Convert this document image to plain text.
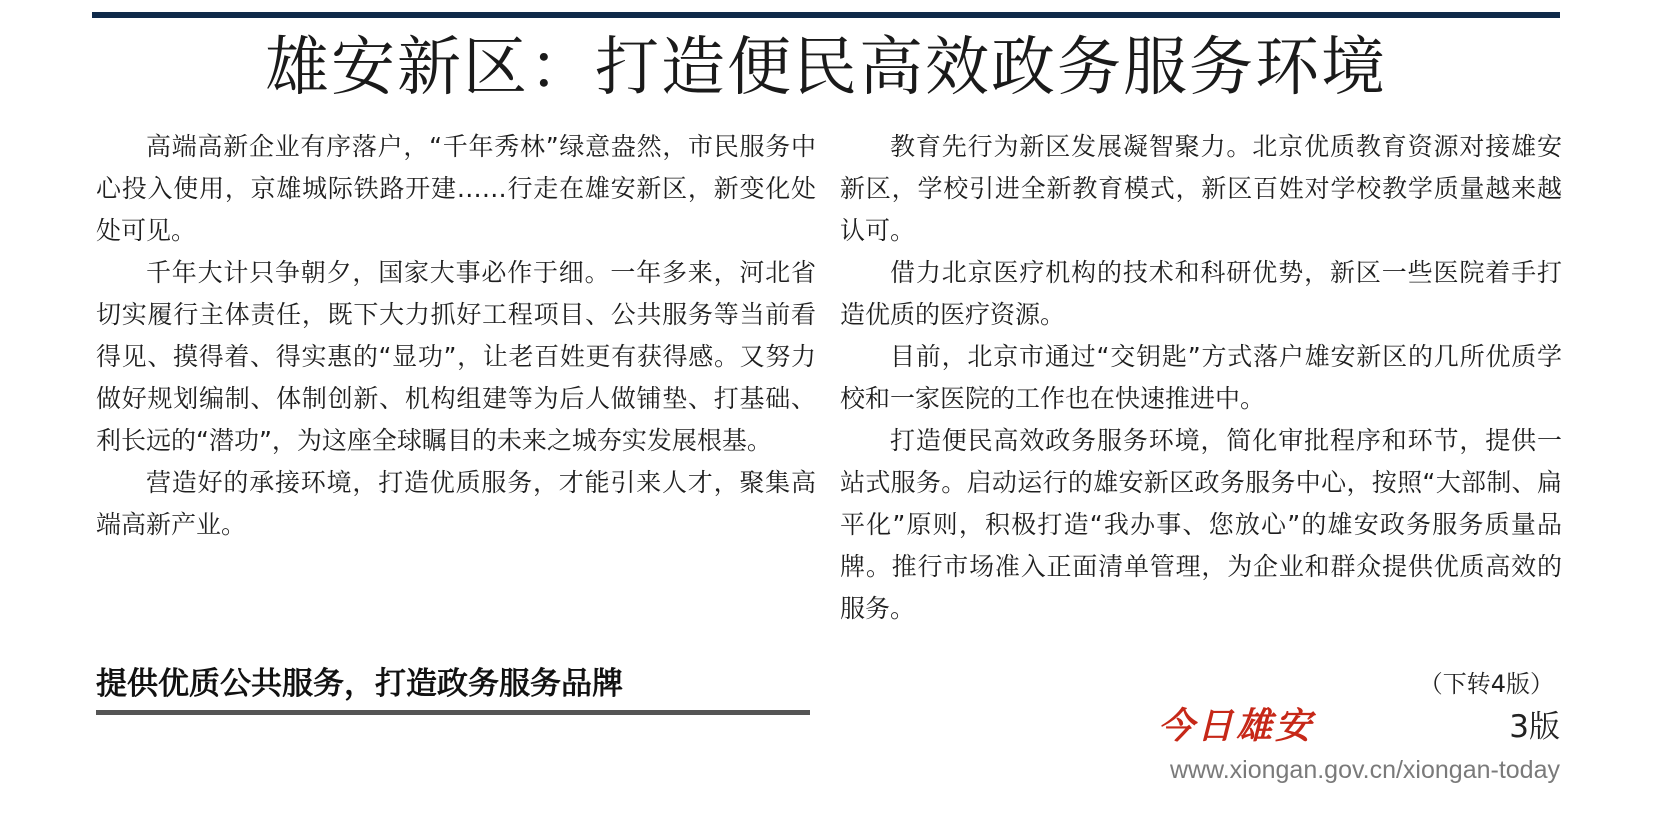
雄安新区：打造便民高效政务服务环境

高端高新企业有序落户，“千年秀林”绿意盎然，市民服务中心投入使用，京雄城际铁路开建……行走在雄安新区，新变化处处可见。

千年大计只争朝夕，国家大事必作于细。一年多来，河北省切实履行主体责任，既下大力抓好工程项目、公共服务等当前看得见、摸得着、得实惠的“显功”，让老百姓更有获得感。又努力做好规划编制、体制创新、机构组建等为后人做铺垫、打基础、利长远的“潜功”，为这座全球瞩目的未来之城夯实发展根基。

营造好的承接环境，打造优质服务，才能引来人才，聚集高端高新产业。

提供优质公共服务，打造政务服务品牌

教育先行为新区发展凝智聚力。北京优质教育资源对接雄安新区，学校引进全新教育模式，新区百姓对学校教学质量越来越认可。

借力北京医疗机构的技术和科研优势，新区一些医院着手打造优质的医疗资源。

目前，北京市通过“交钥匙”方式落户雄安新区的几所优质学校和一家医院的工作也在快速推进中。

打造便民高效政务服务环境，简化审批程序和环节，提供一站式服务。启动运行的雄安新区政务服务中心，按照“大部制、扁平化”原则，积极打造“我办事、您放心”的雄安政务服务质量品牌。推行市场准入正面清单管理，为企业和群众提供优质高效的服务。

（下转4版）
今日雄安	3版
www.xiongan.gov.cn/xiongan-today
